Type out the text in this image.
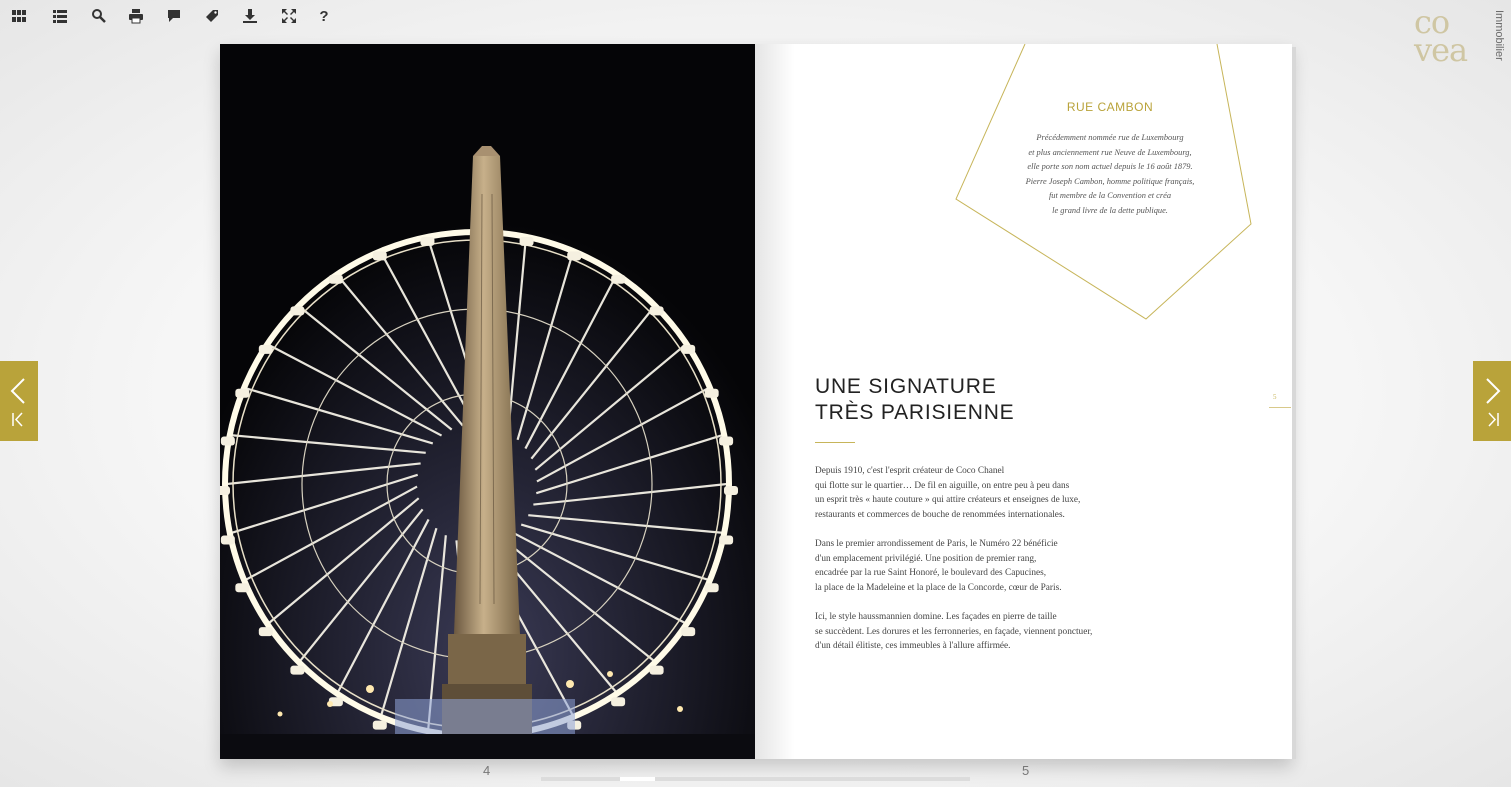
?	co
vea Immobilier
RUE CAMBON
Précédemment nommée rue de Luxembourg
et plus anciennement rue Neuve de Luxembourg,
elle porte son nom actuel depuis le 16 août 1879.
Pierre Joseph Cambon, homme politique français,
fut membre de la Convention et créa
le grand livre de la dette publique.
UNE SIGNATURE
TRÈS PARISIENNE
Depuis 1910, c'est l'esprit créateur de Coco Chanel
qui flotte sur le quartier… De fil en aiguille, on entre peu à peu dans
un esprit très « haute couture » qui attire créateurs et enseignes de luxe,
restaurants et commerces de bouche de renommées internationales.
Dans le premier arrondissement de Paris, le Numéro 22 bénéficie
d'un emplacement privilégié. Une position de premier rang,
encadrée par la rue Saint Honoré, le boulevard des Capucines,
la place de la Madeleine et la place de la Concorde, cœur de Paris.
Ici, le style haussmannien domine. Les façades en pierre de taille
se succèdent. Les dorures et les ferronneries, en façade, viennent ponctuer,
d'un détail élitiste, ces immeubles à l'allure affirmée.
5
4	5
